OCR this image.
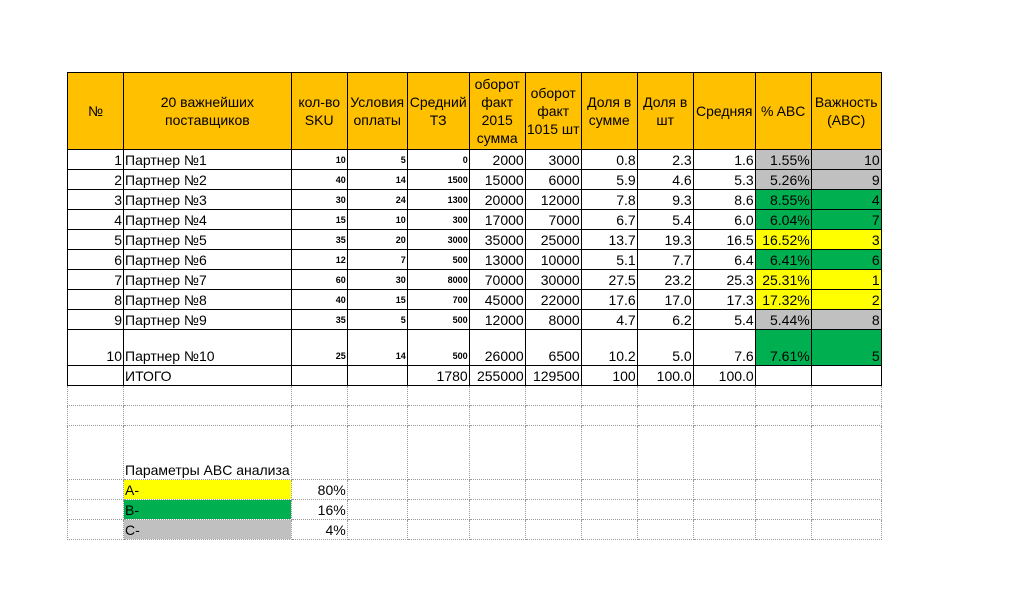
№	20 важнейших поставщиков	кол-во SKU	Условия оплаты	Средний ТЗ	оборот факт 2015 сумма	оборот факт 1015 шт	Доля в сумме	Доля в шт	Средняя	% ABC	Важность (ABC)
1	Партнер №1	10	5	0	2000	3000	0.8	2.3	1.6	1.55%	10
2	Партнер №2	40	14	1500	15000	6000	5.9	4.6	5.3	5.26%	9
3	Партнер №3	30	24	1300	20000	12000	7.8	9.3	8.6	8.55%	4
4	Партнер №4	15	10	300	17000	7000	6.7	5.4	6.0	6.04%	7
5	Партнер №5	35	20	3000	35000	25000	13.7	19.3	16.5	16.52%	3
6	Партнер №6	12	7	500	13000	10000	5.1	7.7	6.4	6.41%	6
7	Партнер №7	60	30	8000	70000	30000	27.5	23.2	25.3	25.31%	1
8	Партнер №8	40	15	700	45000	22000	17.6	17.0	17.3	17.32%	2
9	Партнер №9	35	5	500	12000	8000	4.7	6.2	5.4	5.44%	8
10	Партнер №10	25	14	500	26000	6500	10.2	5.0	7.6	7.61%	5
	ИТОГО			1780	255000	129500	100	100.0	100.0		

	Параметры ABC анализа										
	A-	80%									
	B-	16%									
	C-	4%									
